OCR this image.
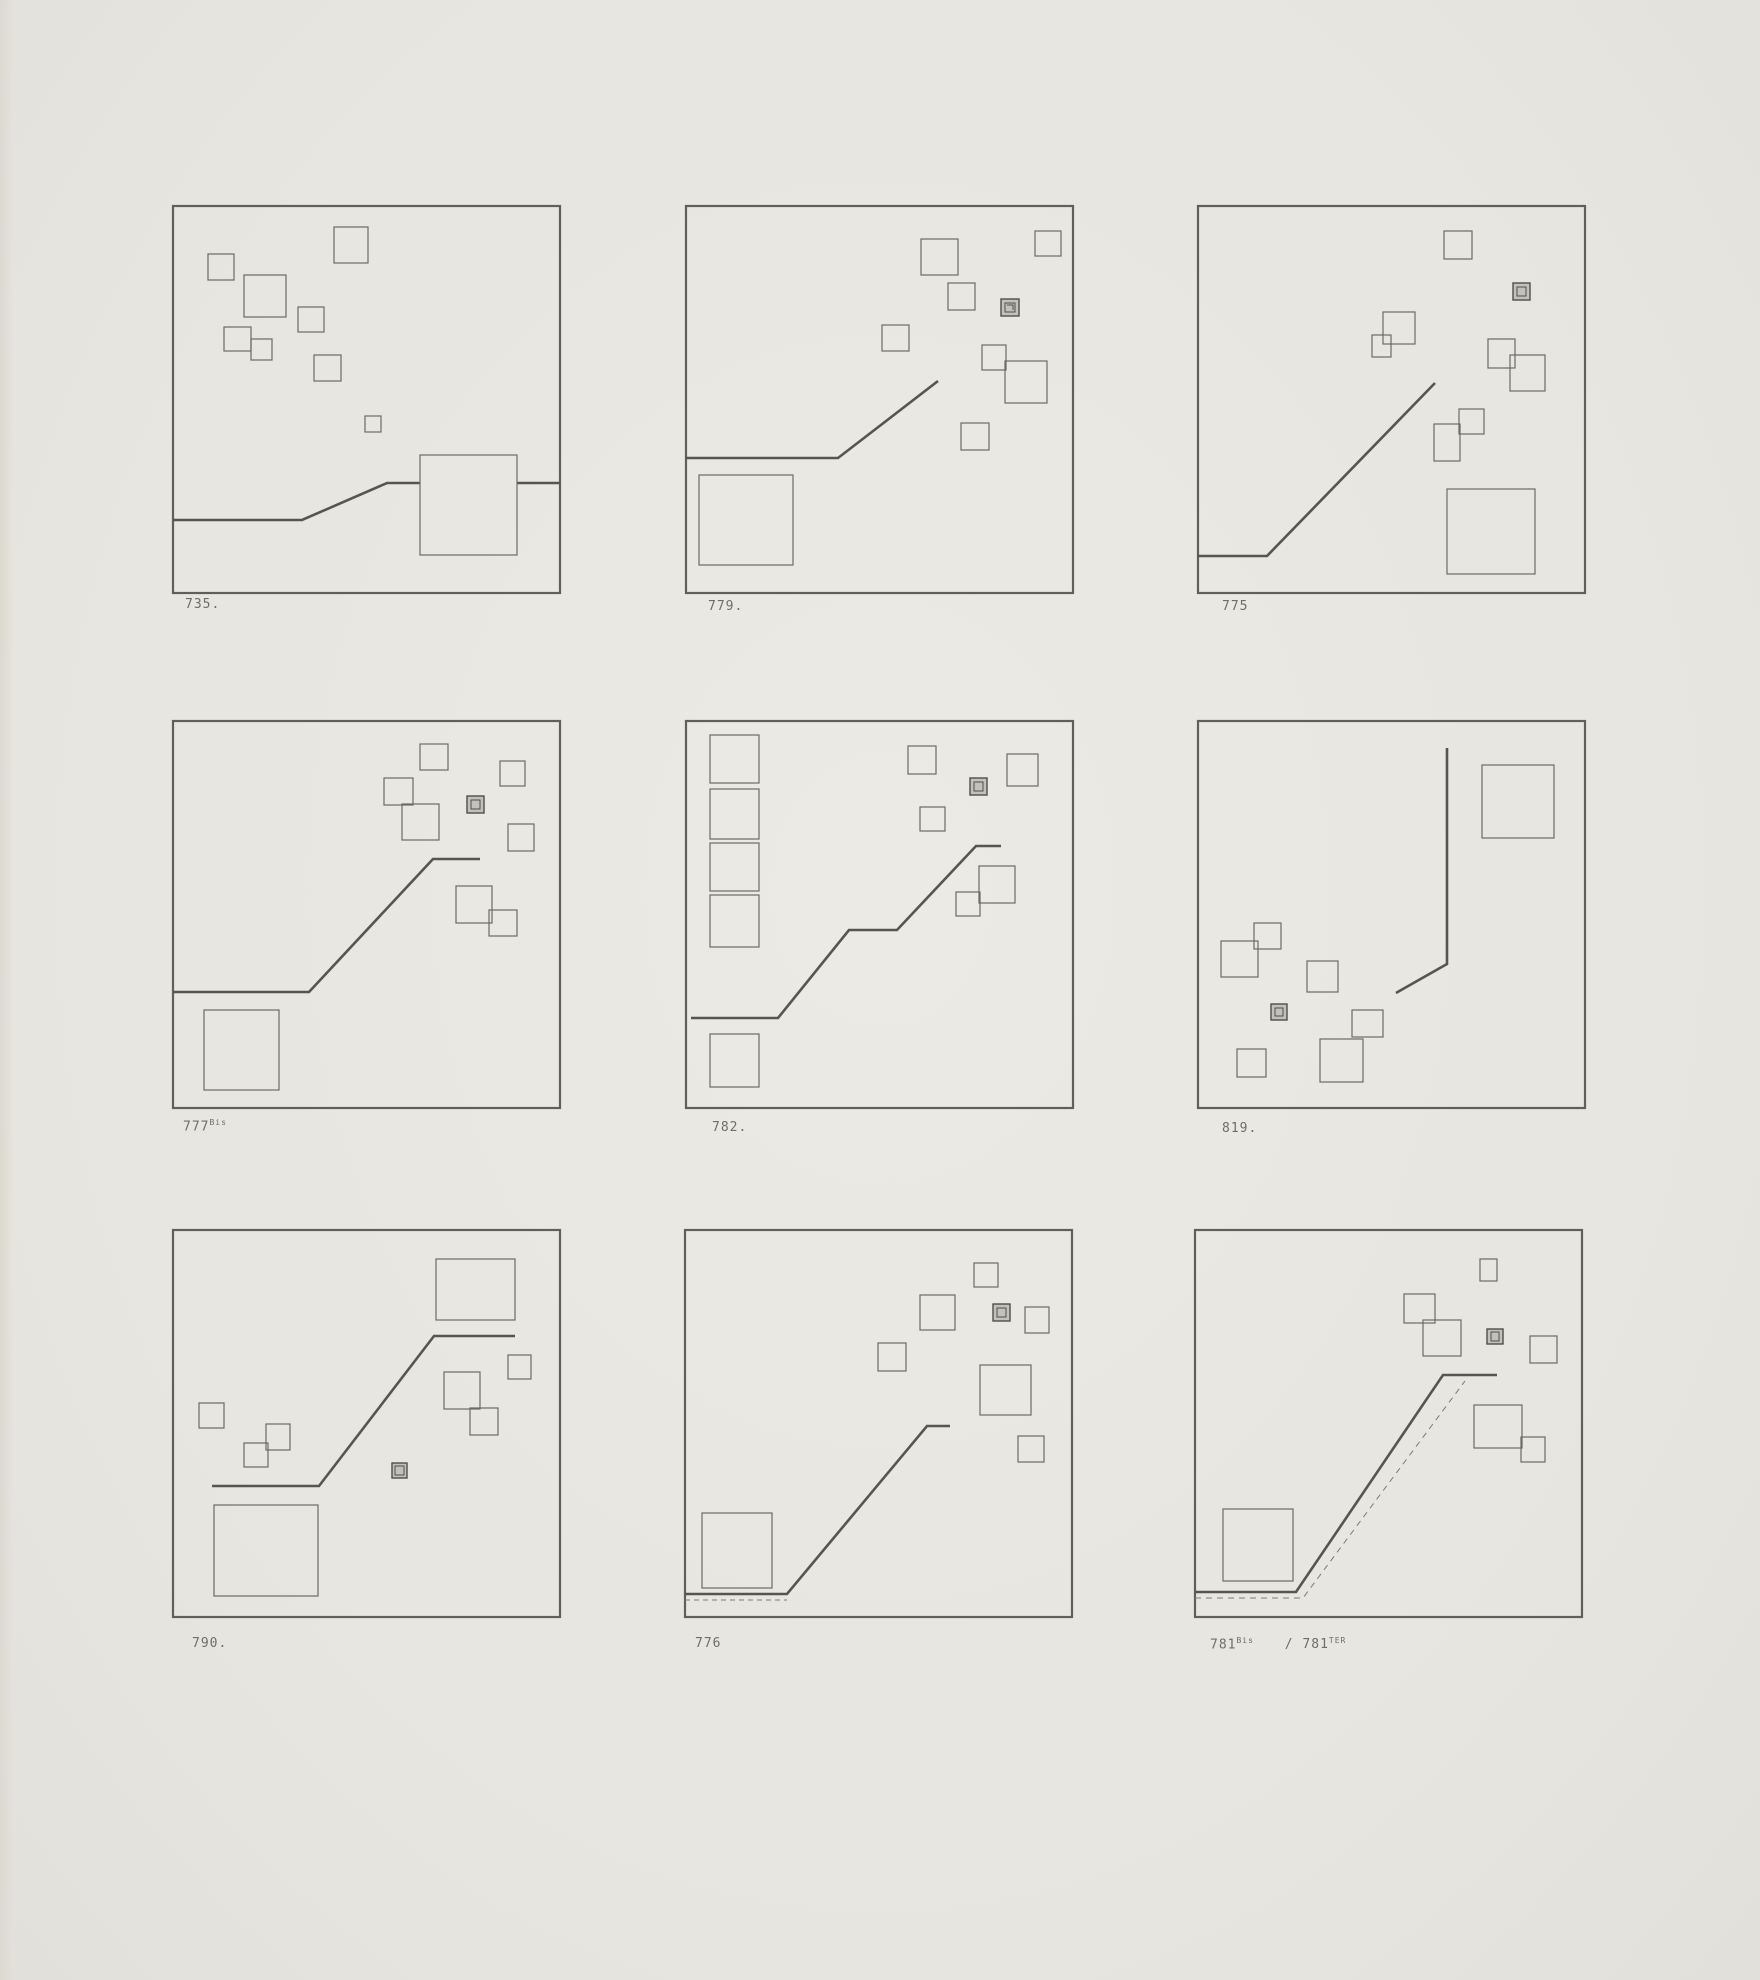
735.	779.	775
$777^{Bis}$	782.	819.
790.	776	$781^{Bis} / 781^{TER}$
